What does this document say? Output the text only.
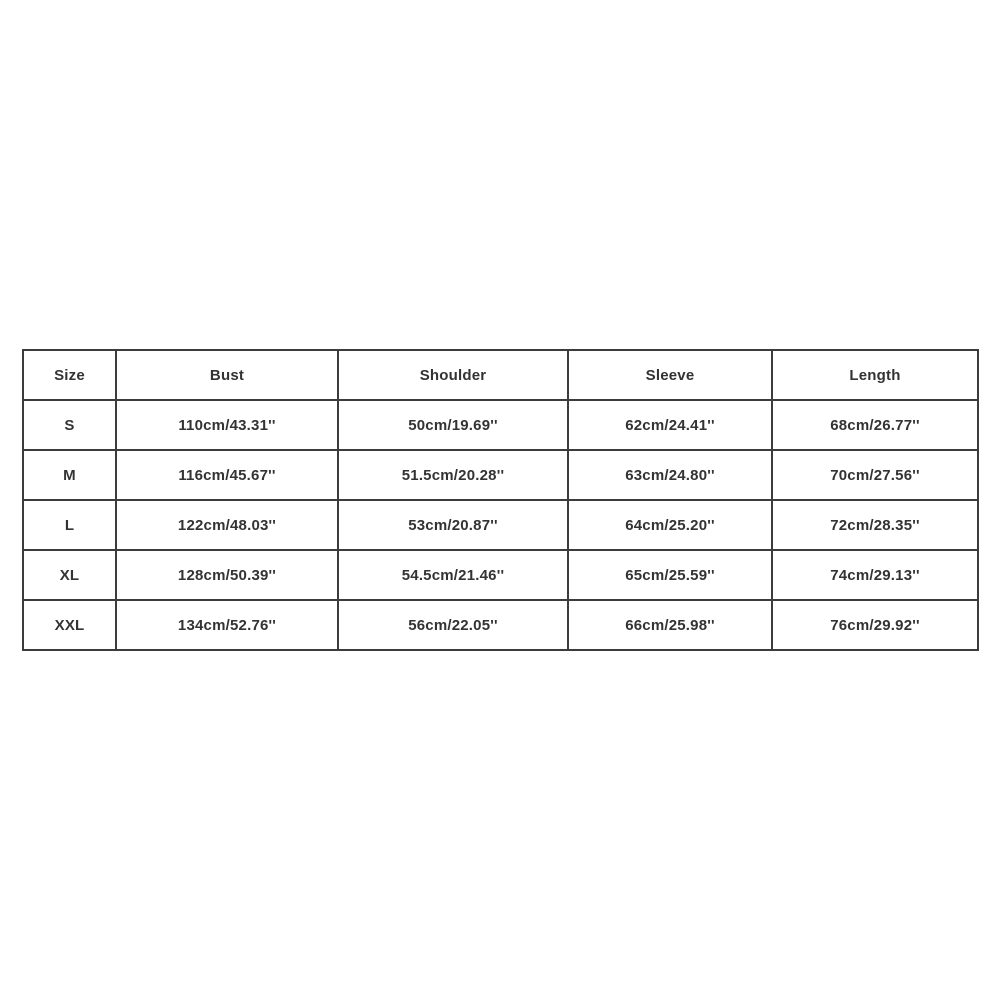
Size	Bust	Shoulder	Sleeve	Length
S	110cm/43.31''	50cm/19.69''	62cm/24.41''	68cm/26.77''
M	116cm/45.67''	51.5cm/20.28''	63cm/24.80''	70cm/27.56''
L	122cm/48.03''	53cm/20.87''	64cm/25.20''	72cm/28.35''
XL	128cm/50.39''	54.5cm/21.46''	65cm/25.59''	74cm/29.13''
XXL	134cm/52.76''	56cm/22.05''	66cm/25.98''	76cm/29.92''
